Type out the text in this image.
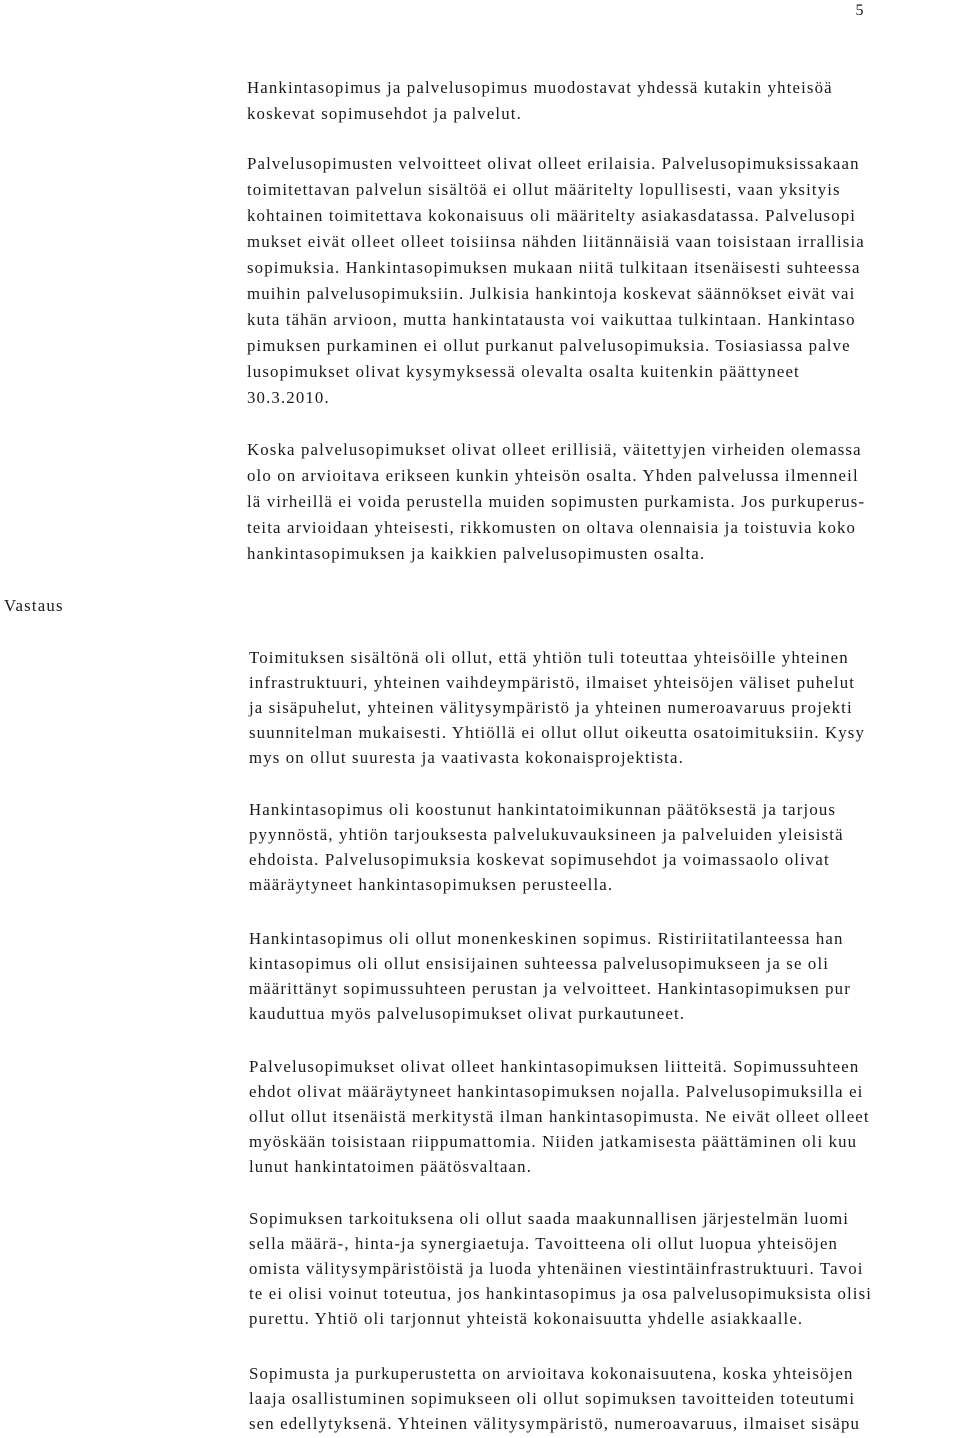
5
Hankintasopimus ja palvelusopimus muodostavat yhdessä kutakin yhteisöä
koskevat sopimusehdot ja palvelut.
Palvelusopimusten velvoitteet olivat olleet erilaisia. Palvelusopimuksissakaan
toimitettavan palvelun sisältöä ei ollut määritelty lopullisesti, vaan yksityis
kohtainen toimitettava kokonaisuus oli määritelty asiakasdatassa. Palvelusopi
mukset eivät olleet olleet toisiinsa nähden liitännäisiä vaan toisistaan irrallisia
sopimuksia. Hankintasopimuksen mukaan niitä tulkitaan itsenäisesti suhteessa
muihin palvelusopimuksiin. Julkisia hankintoja koskevat säännökset eivät vai
kuta tähän arvioon, mutta hankintatausta voi vaikuttaa tulkintaan. Hankintaso
pimuksen purkaminen ei ollut purkanut palvelusopimuksia. Tosiasiassa palve
lusopimukset olivat kysymyksessä olevalta osalta kuitenkin päättyneet
30.3.2010.
Koska palvelusopimukset olivat olleet erillisiä, väitettyjen virheiden olemassa
olo on arvioitava erikseen kunkin yhteisön osalta. Yhden palvelussa ilmenneil
lä virheillä ei voida perustella muiden sopimusten purkamista. Jos purkuperus-
teita arvioidaan yhteisesti, rikkomusten on oltava olennaisia ja toistuvia koko
hankintasopimuksen ja kaikkien palvelusopimusten osalta.
Vastaus
Toimituksen sisältönä oli ollut, että yhtiön tuli toteuttaa yhteisöille yhteinen
infrastruktuuri, yhteinen vaihdeympäristö, ilmaiset yhteisöjen väliset puhelut
ja sisäpuhelut, yhteinen välitysympäristö ja yhteinen numeroavaruus projekti
suunnitelman mukaisesti. Yhtiöllä ei ollut ollut oikeutta osatoimituksiin. Kysy
mys on ollut suuresta ja vaativasta kokonaisprojektista.
Hankintasopimus oli koostunut hankintatoimikunnan päätöksestä ja tarjous
pyynnöstä, yhtiön tarjouksesta palvelukuvauksineen ja palveluiden yleisistä
ehdoista. Palvelusopimuksia koskevat sopimusehdot ja voimassaolo olivat
määräytyneet hankintasopimuksen perusteella.
Hankintasopimus oli ollut monenkeskinen sopimus. Ristiriitatilanteessa han
kintasopimus oli ollut ensisijainen suhteessa palvelusopimukseen ja se oli
määrittänyt sopimussuhteen perustan ja velvoitteet. Hankintasopimuksen pur
kauduttua myös palvelusopimukset olivat purkautuneet.
Palvelusopimukset olivat olleet hankintasopimuksen liitteitä. Sopimussuhteen
ehdot olivat määräytyneet hankintasopimuksen nojalla. Palvelusopimuksilla ei
ollut ollut itsenäistä merkitystä ilman hankintasopimusta. Ne eivät olleet olleet
myöskään toisistaan riippumattomia. Niiden jatkamisesta päättäminen oli kuu
lunut hankintatoimen päätösvaltaan.
Sopimuksen tarkoituksena oli ollut saada maakunnallisen järjestelmän luomi
sella määrä-, hinta-ja synergiaetuja. Tavoitteena oli ollut luopua yhteisöjen
omista välitysympäristöistä ja luoda yhtenäinen viestintäinfrastruktuuri. Tavoi
te ei olisi voinut toteutua, jos hankintasopimus ja osa palvelusopimuksista olisi
purettu. Yhtiö oli tarjonnut yhteistä kokonaisuutta yhdelle asiakkaalle.
Sopimusta ja purkuperustetta on arvioitava kokonaisuutena, koska yhteisöjen
laaja osallistuminen sopimukseen oli ollut sopimuksen tavoitteiden toteutumi
sen edellytyksenä. Yhteinen välitysympäristö, numeroavaruus, ilmaiset sisäpu
